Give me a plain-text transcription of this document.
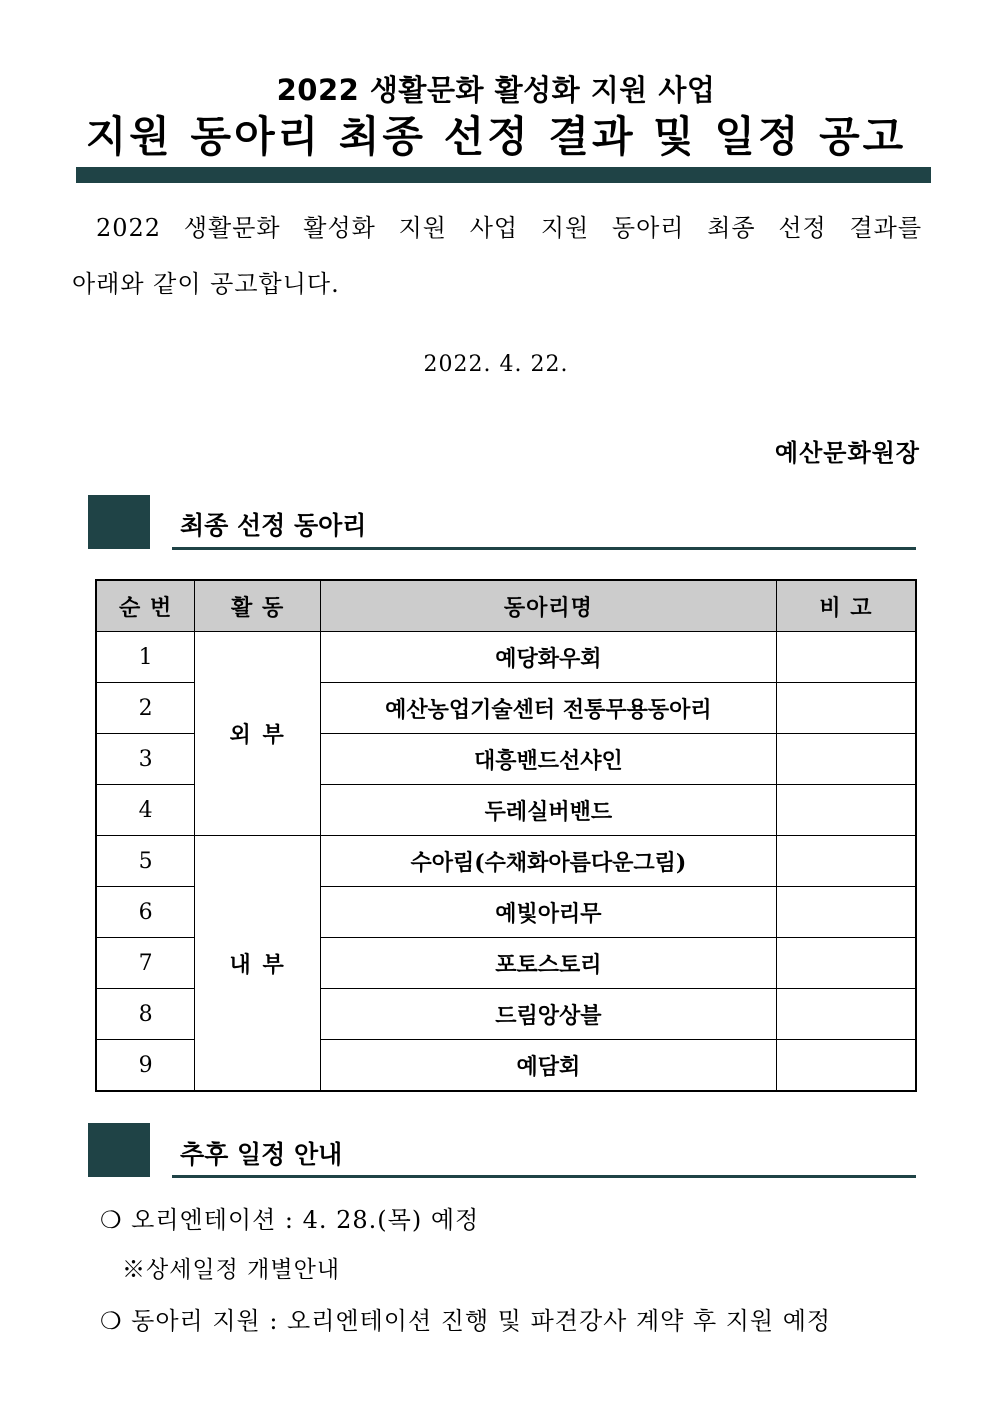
2022 생활문화 활성화 지원 사업
지원 동아리 최종 선정 결과 및 일정 공고
2022 생활문화 활성화 지원 사업 지원 동아리 최종 선정 결과를
아래와 같이 공고합니다.
2022. 4. 22.
예산문화원장
최종 선정 동아리
순 번	활 동	동아리명	비 고
1	외 부	예당화우회	
2		예산농업기술센터 전통무용동아리	
3		대흥밴드선샤인	
4		두레실버밴드	
5	내 부	수아림(수채화아름다운그림)	
6		예빛아리무	
7		포토스토리	
8		드림앙상블	
9		예담회	
추후 일정 안내
❍ 오리엔테이션 : 4. 28.(목) 예정
※상세일정 개별안내
❍ 동아리 지원 : 오리엔테이션 진행 및 파견강사 계약 후 지원 예정
